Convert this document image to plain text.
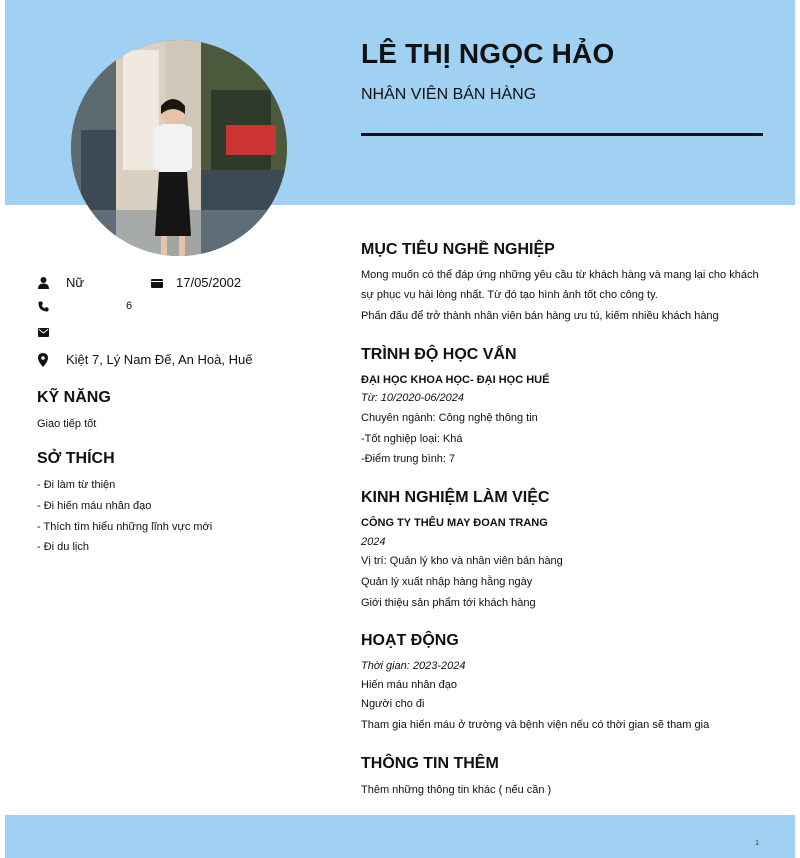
LÊ THỊ NGỌC HẢO
NHÂN VIÊN BÁN HÀNG
Nữ	17/05/2002
6
Kiệt 7, Lý Nam Đế, An Hoà, Huế
KỸ NĂNG
Giao tiếp tốt
SỞ THÍCH
- Đi làm từ thiện
- Đi hiến máu nhân đạo
- Thích tìm hiểu những lĩnh vực mới
- Đi du lịch
MỤC TIÊU NGHỀ NGHIỆP
Mong muốn có thể đáp ứng những yêu cầu từ khách hàng và mang lại cho khách
sự phục vụ hài lòng nhất. Từ đó tạo hình ảnh tốt cho công ty.
Phấn đấu để trở thành nhân viên bán hàng ưu tú, kiếm nhiều khách hàng
TRÌNH ĐỘ HỌC VẤN
ĐẠI HỌC KHOA HỌC- ĐẠI HỌC HUẾ
Từ: 10/2020-06/2024
Chuyên ngành: Công nghệ thông tin
-Tốt nghiệp loại: Khá
-Điểm trung bình: 7
KINH NGHIỆM LÀM VIỆC
CÔNG TY THÊU MAY ĐOAN TRANG
2024
Vị trí: Quản lý kho và nhân viên bán hàng
Quản lý xuất nhập hàng hằng ngày
Giới thiệu sản phẩm tới khách hàng
HOẠT ĐỘNG
Thời gian: 2023-2024
Hiến máu nhân đạo
Người cho đi
Tham gia hiến máu ở trường và bệnh viện nếu có thời gian sẽ tham gia
THÔNG TIN THÊM
Thêm những thông tin khác ( nếu cần )
1
